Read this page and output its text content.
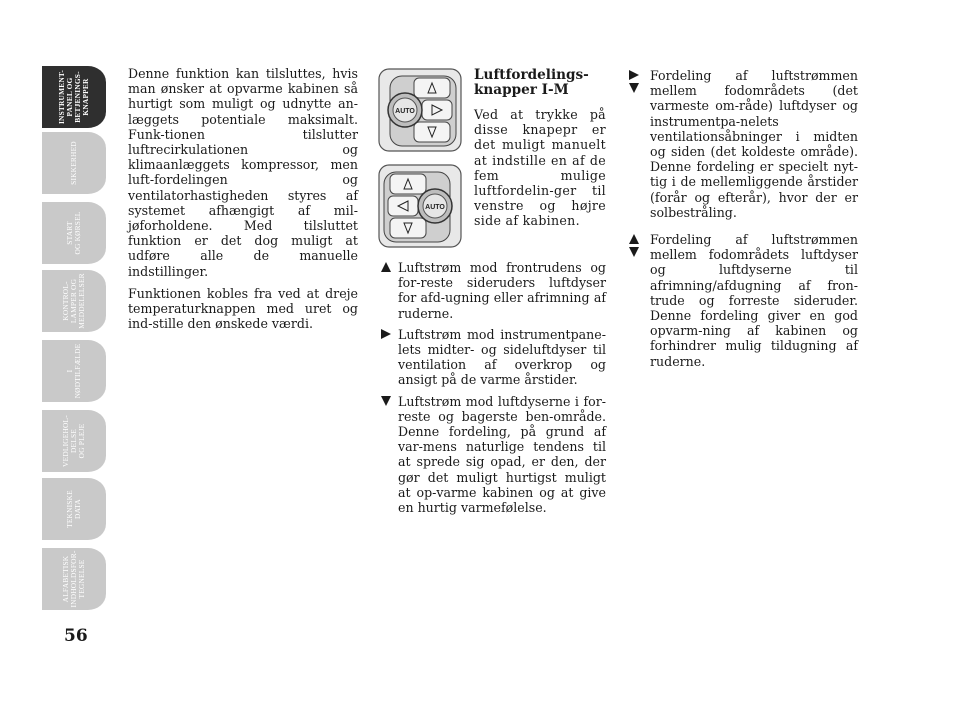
INSTRUMENT- PANEL OG BETJENINGS- KNAPPER
SIKKERHED
START OG KØRSEL
KONTROL- LAMPER OG MEDDELELSER
I NØDTILFÆLDE
VEDLIGEHOL- DELSE OG PLEJE
TEKNISKE DATA
ALFABETISK INDHOLDSFOR- TEGNELSE
56

Denne funktion kan tilsluttes, hvis man ønsker at opvarme kabinen så hurtigt som muligt og udnytte an-læggets potentiale maksimalt. Funk-tionen tilslutter luftrecirkulationen og klimaanlæggets kompressor, men luft-fordelingen og ventilatorhastigheden styres af systemet afhængigt af mil-jøforholdene. Med tilsluttet funktion er det dog muligt at udføre alle de manuelle indstillinger.

Funktionen kobles fra ved at dreje temperaturknappen med uret og ind-stille den ønskede værdi.

AUTO
AUTO
Luftfordelings-
knapper I-M

Ved at trykke på disse knapepr er det muligt manuelt at indstille en af de fem mulige luftfordelin-ger til venstre og højre side af kabinen.

Luftstrøm mod frontrudens og for-reste sideruders luftdyser for afd-ugning eller afrimning af ruderne.
Luftstrøm mod instrumentpane-lets midter- og sideluftdyser til ventilation af overkrop og ansigt på de varme årstider.
Luftstrøm mod luftdyserne i for-reste og bagerste ben-område. Denne fordeling, på grund af var-mens naturlige tendens til at sprede sig opad, er den, der gør det muligt hurtigst muligt at op-varme kabinen og at give en hurtig varmefølelse.
Fordeling af luftstrømmen mellem fodområdets (det varmeste om-råde) luftdyser og instrumentpa-nelets ventilationsåbninger i midten og siden (det koldeste område). Denne fordeling er specielt nyt-tig i de mellemliggende årstider (forår og efterår), hvor der er solbestråling.
Fordeling af luftstrømmen mellem fodområdets luftdyser og luftdyserne til afrimning/afdugning af fron-trude og forreste sideruder. Denne fordeling giver en god opvarm-ning af kabinen og forhindrer mulig tildugning af ruderne.
